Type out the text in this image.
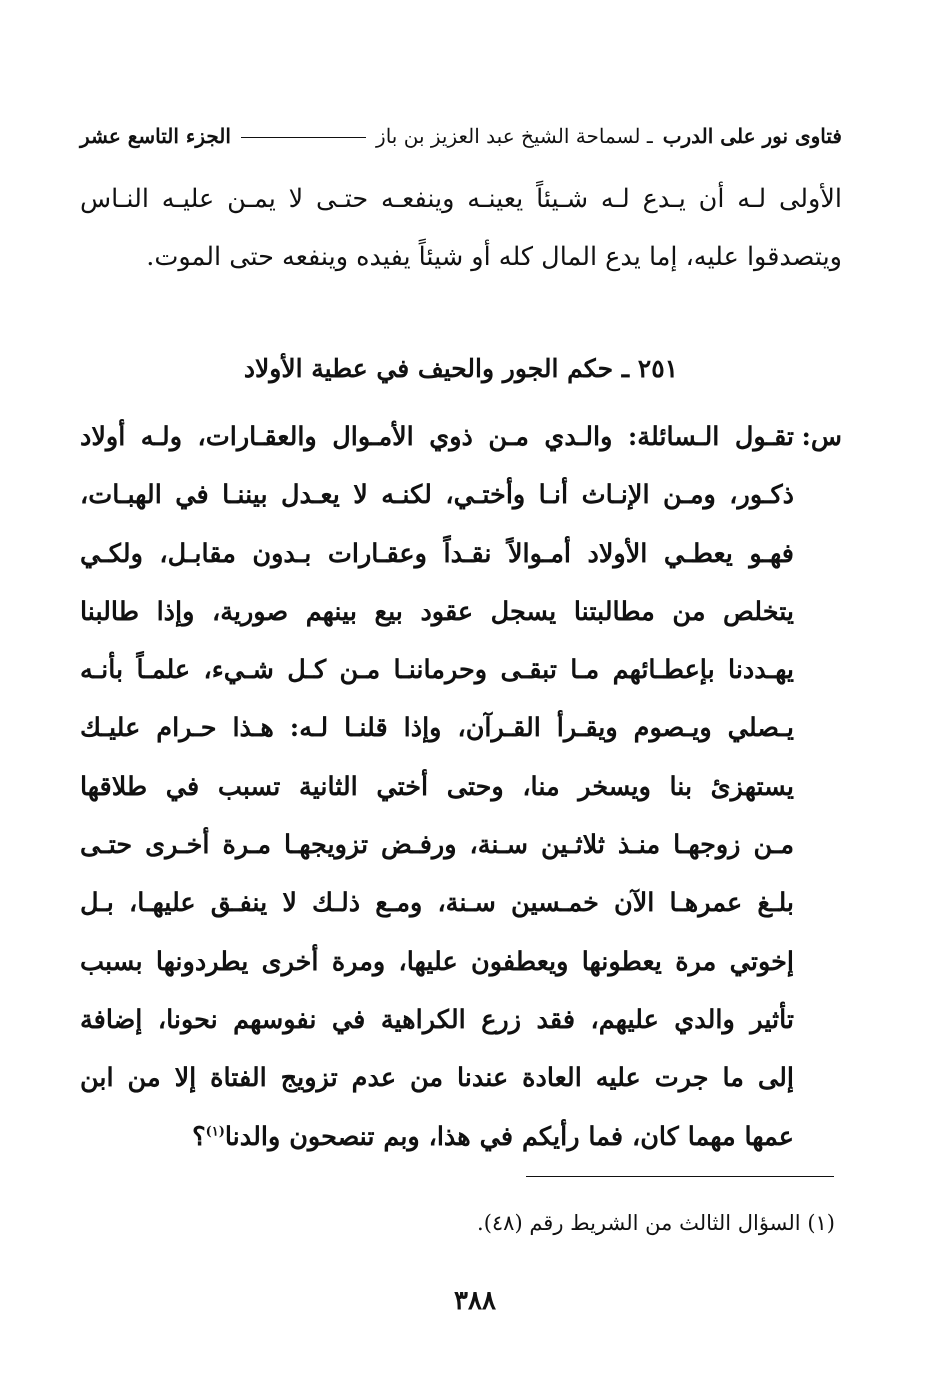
فتاوى نور على الدرب
ـ لسماحة الشيخ عبد العزيز بن باز
الجزء التاسع عشر
الأولى لـه أن يـدع لـه شـيئاً يعينـه وينفعـه حتـى لا يمـن عليـه النـاس
ويتصدقوا عليه، إما يدع المال كله أو شيئاً يفيده وينفعه حتى الموت.
٢٥١ ـ حكم الجور والحيف في عطية الأولاد
س:
تقـول الـسائلة: والـدي مـن ذوي الأمـوال والعقـارات، ولـه أولاد
ذكـور، ومـن الإنـاث أنـا وأختـي، لكنـه لا يعـدل بيننـا في الهبـات،
فهـو يعطـي الأولاد أمـوالاً نقـداً وعقـارات بـدون مقابـل، ولكـي
يتخلص من مطالبتنا يسجل عقود بيع بينهم صورية، وإذا طالبنا
يهـددنا بإعطـائهم مـا تبقـى وحرماننـا مـن كـل شـيء، علمـاً بأنـه
يـصلي ويـصوم ويقـرأ القـرآن، وإذا قلنـا لـه: هـذا حـرام عليـك
يستهزئ بنا ويسخر منا، وحتى أختي الثانية تسبب في طلاقها
مـن زوجهـا منـذ ثلاثـين سـنة، ورفـض تزويجهـا مـرة أخـرى حتـى
بلـغ عمرهـا الآن خمـسين سـنة، ومـع ذلـك لا ينفـق عليهـا، بـل
إخوتي مرة يعطونها ويعطفون عليها، ومرة أخرى يطردونها بسبب
تأثير والدي عليهم، فقد زرع الكراهية في نفوسهم نحونا، إضافة
إلى ما جرت عليه العادة عندنا من عدم تزويج الفتاة إلا من ابن
عمها مهما كان، فما رأيكم في هذا، وبم تنصحون والدنا$^{(١)}$؟
(١) السؤال الثالث من الشريط رقم (٤٨).
٣٨٨
